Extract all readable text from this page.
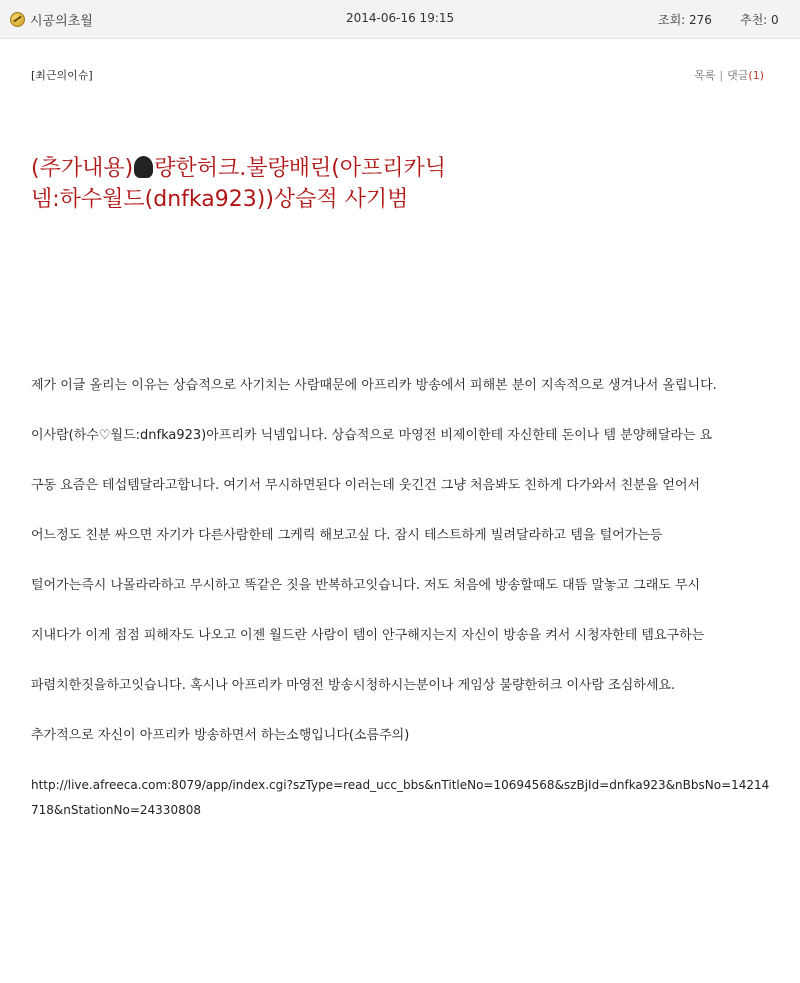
시공의초월	2014-06-16 19:15	조회: 276 추천: 0
[최근의이슈]	목록 | 댓글(1)
(추가내용) 량한허크.불량배린(아프리카닉넴:하수월드(dnfka923))상습적 사기범

제가 이글 올리는 이유는 상습적으로 사기치는 사람때문에 아프리카 방송에서 피해본 분이 지속적으로 생겨나서 올립니다.

이사람(하수♡월드:dnfka923)아프리카 닉넴입니다. 상습적으로 마영전 비제이한테 자신한테 돈이나 템 분양해달라는 요

구동 요즘은 테섭템달라고합니다. 여기서 무시하면된다 이러는데 웃긴건 그냥 처음봐도 친하게 다가와서 친분을 얻어서

어느정도 친분 싸으면 자기가 다른사람한테 그케릭 해보고싶 다. 잠시 테스트하게 빌려달라하고 템을 털어가는등

털어가는즉시 나몰라라하고 무시하고 똑같은 짓을 반복하고잇습니다. 저도 처음에 방송할때도 대뜸 말놓고 그래도 무시

지내다가 이게 점점 피해자도 나오고 이젠 월드란 사람이 템이 안구해지는지 자신이 방송을 켜서 시청자한테 템요구하는

파렴치한짓을하고잇습니다. 혹시나 아프리카 마영전 방송시청하시는분이나 게임상 불량한허크 이사람 조심하세요.

추가적으로 자신이 아프리카 방송하면서 하는소행입니다(소름주의)

http://live.afreeca.com:8079/app/index.cgi?szType=read_ucc_bbs&nTitleNo=10694568&szBjId=dnfka923&nBbsNo=14214718&nStationNo=24330808
